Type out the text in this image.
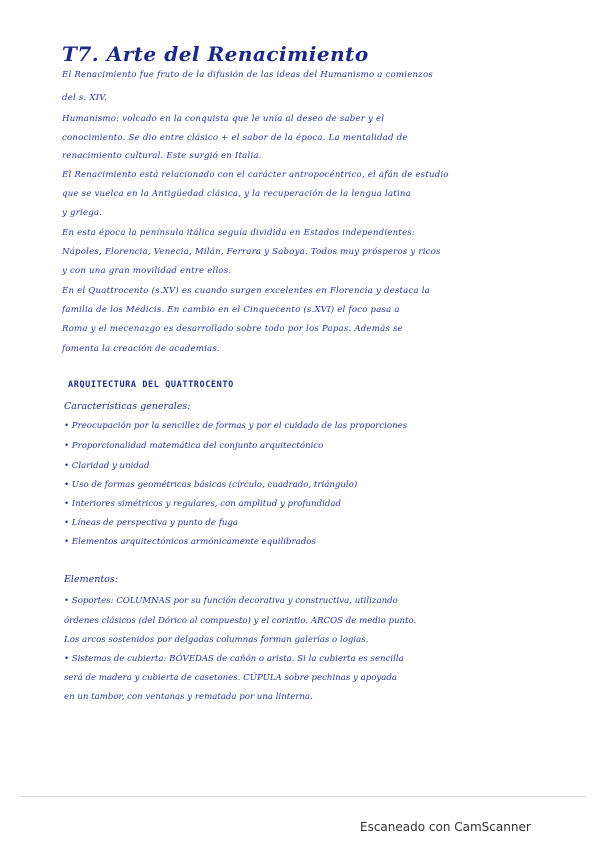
T7. Arte del Renacimiento
El Renacimiento fue fruto de la difusión de las ideas del Humanismo a comienzos
del s. XIV.
Humanismo: volcado en la conquista que le unía al deseo de saber y el
conocimiento. Se dio entre clásico + el sabor de la época. La mentalidad de
renacimiento cultural. Este surgió en Italia.
El Renacimiento está relacionado con el carácter antropocéntrico, el afán de estudio
que se vuelca en la Antigüedad clásica, y la recuperación de la lengua latina
y griega.
En esta época la península itálica seguía dividida en Estados independientes:
Nápoles, Florencia, Venecia, Milán, Ferrara y Saboya. Todos muy prósperos y ricos
y con una gran movilidad entre ellos.
En el Quattrocento (s.XV) es cuando surgen excelentes en Florencia y destaca la
familia de los Médicis. En cambio en el Cinquecento (s.XVI) el foco pasa a
Roma y el mecenazgo es desarrollado sobre todo por los Papas. Además se
fomenta la creación de academias.
ARQUITECTURA DEL QUATTROCENTO
Características generales:
• Preocupación por la sencillez de formas y por el cuidado de las proporciones
• Proporcionalidad matemática del conjunto arquitectónico
• Claridad y unidad
• Uso de formas geométricas básicas (círculo, cuadrado, triángulo)
• Interiores simétricos y regulares, con amplitud y profundidad
• Líneas de perspectiva y punto de fuga
• Elementos arquitectónicos armónicamente equilibrados
Elementos:
• Soportes: COLUMNAS por su función decorativa y constructiva, utilizando
órdenes clásicos (del Dórico al compuesto) y el corintio. ARCOS de medio punto.
Los arcos sostenidos por delgadas columnas forman galerías o logias.
• Sistemas de cubierta: BÓVEDAS de cañón o arista. Si la cubierta es sencilla
será de madera y cubierta de casetones. CÚPULA sobre pechinas y apoyada
en un tambor, con ventanas y rematada por una linterna.
Escaneado con CamScanner
